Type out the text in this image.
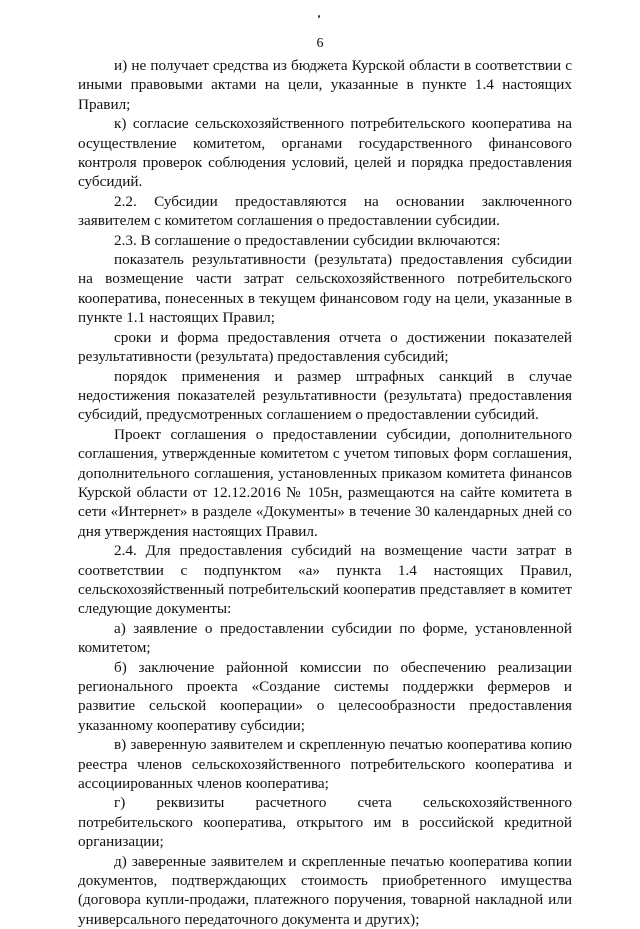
6

и) не получает средства из бюджета Курской области в соответствии с иными правовыми актами на цели, указанные в пункте 1.4 настоящих Правил;

к) согласие сельскохозяйственного потребительского кооператива на осуществление комитетом, органами государственного финансового контроля проверок соблюдения условий, целей и порядка предоставления субсидий.

2.2. Субсидии предоставляются на основании заключенного заявителем с комитетом соглашения о предоставлении субсидии.

2.3. В соглашение о предоставлении субсидии включаются:

показатель результативности (результата) предоставления субсидии на возмещение части затрат сельскохозяйственного потребительского кооператива, понесенных в текущем финансовом году на цели, указанные в пункте 1.1 настоящих Правил;

сроки и форма предоставления отчета о достижении показателей результативности (результата) предоставления субсидий;

порядок применения и размер штрафных санкций в случае недостижения показателей результативности (результата) предоставления субсидий, предусмотренных соглашением о предоставлении субсидий.

Проект соглашения о предоставлении субсидии, дополнительного соглашения, утвержденные комитетом с учетом типовых форм соглашения, дополнительного соглашения, установленных приказом комитета финансов Курской области от 12.12.2016 № 105н, размещаются на сайте комитета в сети «Интернет» в разделе «Документы» в течение 30 календарных дней со дня утверждения настоящих Правил.

2.4. Для предоставления субсидий на возмещение части затрат в соответствии с подпунктом «а» пункта 1.4 настоящих Правил, сельскохозяйственный потребительский кооператив представляет в комитет следующие документы:

а) заявление о предоставлении субсидии по форме, установленной комитетом;

б) заключение районной комиссии по обеспечению реализации регионального проекта «Создание системы поддержки фермеров и развитие сельской кооперации» о целесообразности предоставления указанному кооперативу субсидии;

в) заверенную заявителем и скрепленную печатью кооператива копию реестра членов сельскохозяйственного потребительского кооператива и ассоциированных членов кооператива;

г) реквизиты расчетного счета сельскохозяйственного потребительского кооператива, открытого им в российской кредитной организации;

д) заверенные заявителем и скрепленные печатью кооператива копии документов, подтверждающих стоимость приобретенного имущества (договора купли-продажи, платежного поручения, товарной накладной или универсального передаточного документа и других);
